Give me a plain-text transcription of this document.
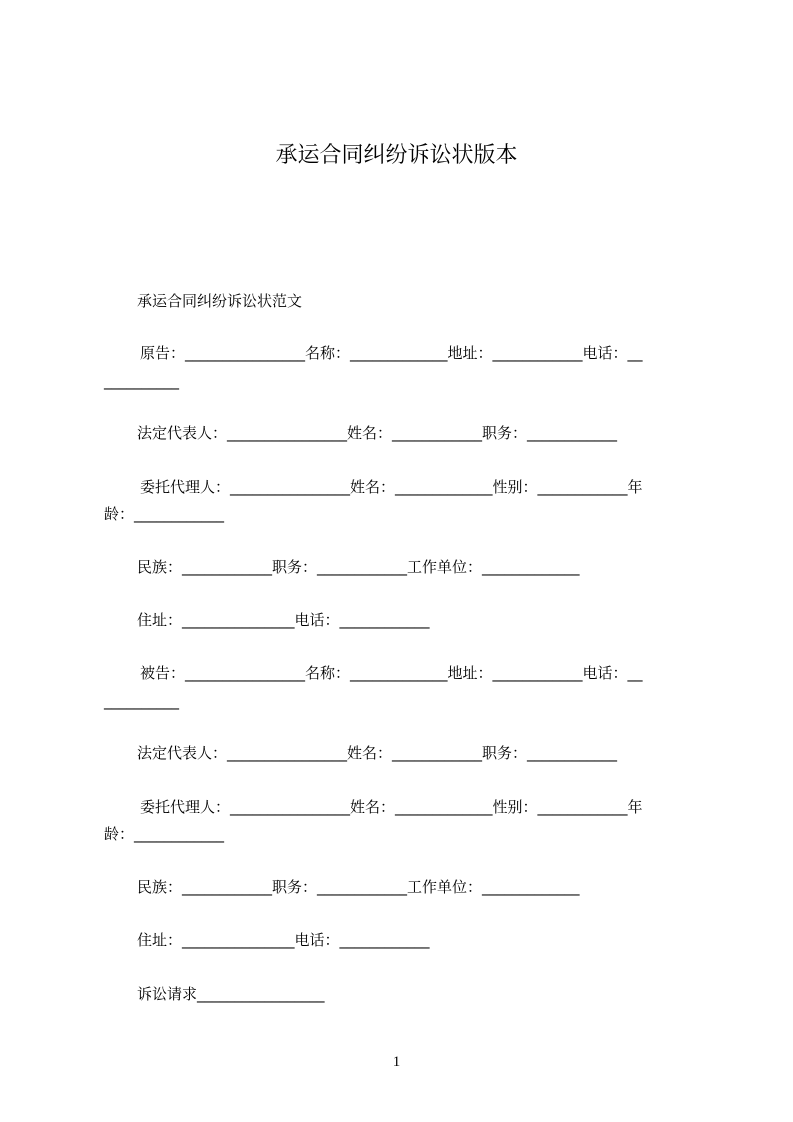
承运合同纠纷诉讼状版本
承运合同纠纷诉讼状范文
原告：________________名称：_____________地址：____________电话：__
__________
法定代表人：________________姓名：____________职务：____________
委托代理人：________________姓名：_____________性别：____________年
龄：____________
民族：____________职务：____________工作单位：_____________
住址：_______________电话：____________
被告：________________名称：_____________地址：____________电话：__
__________
法定代表人：________________姓名：____________职务：____________
委托代理人：________________姓名：_____________性别：____________年
龄：____________
民族：____________职务：____________工作单位：_____________
住址：_______________电话：____________
诉讼请求_________________
1
